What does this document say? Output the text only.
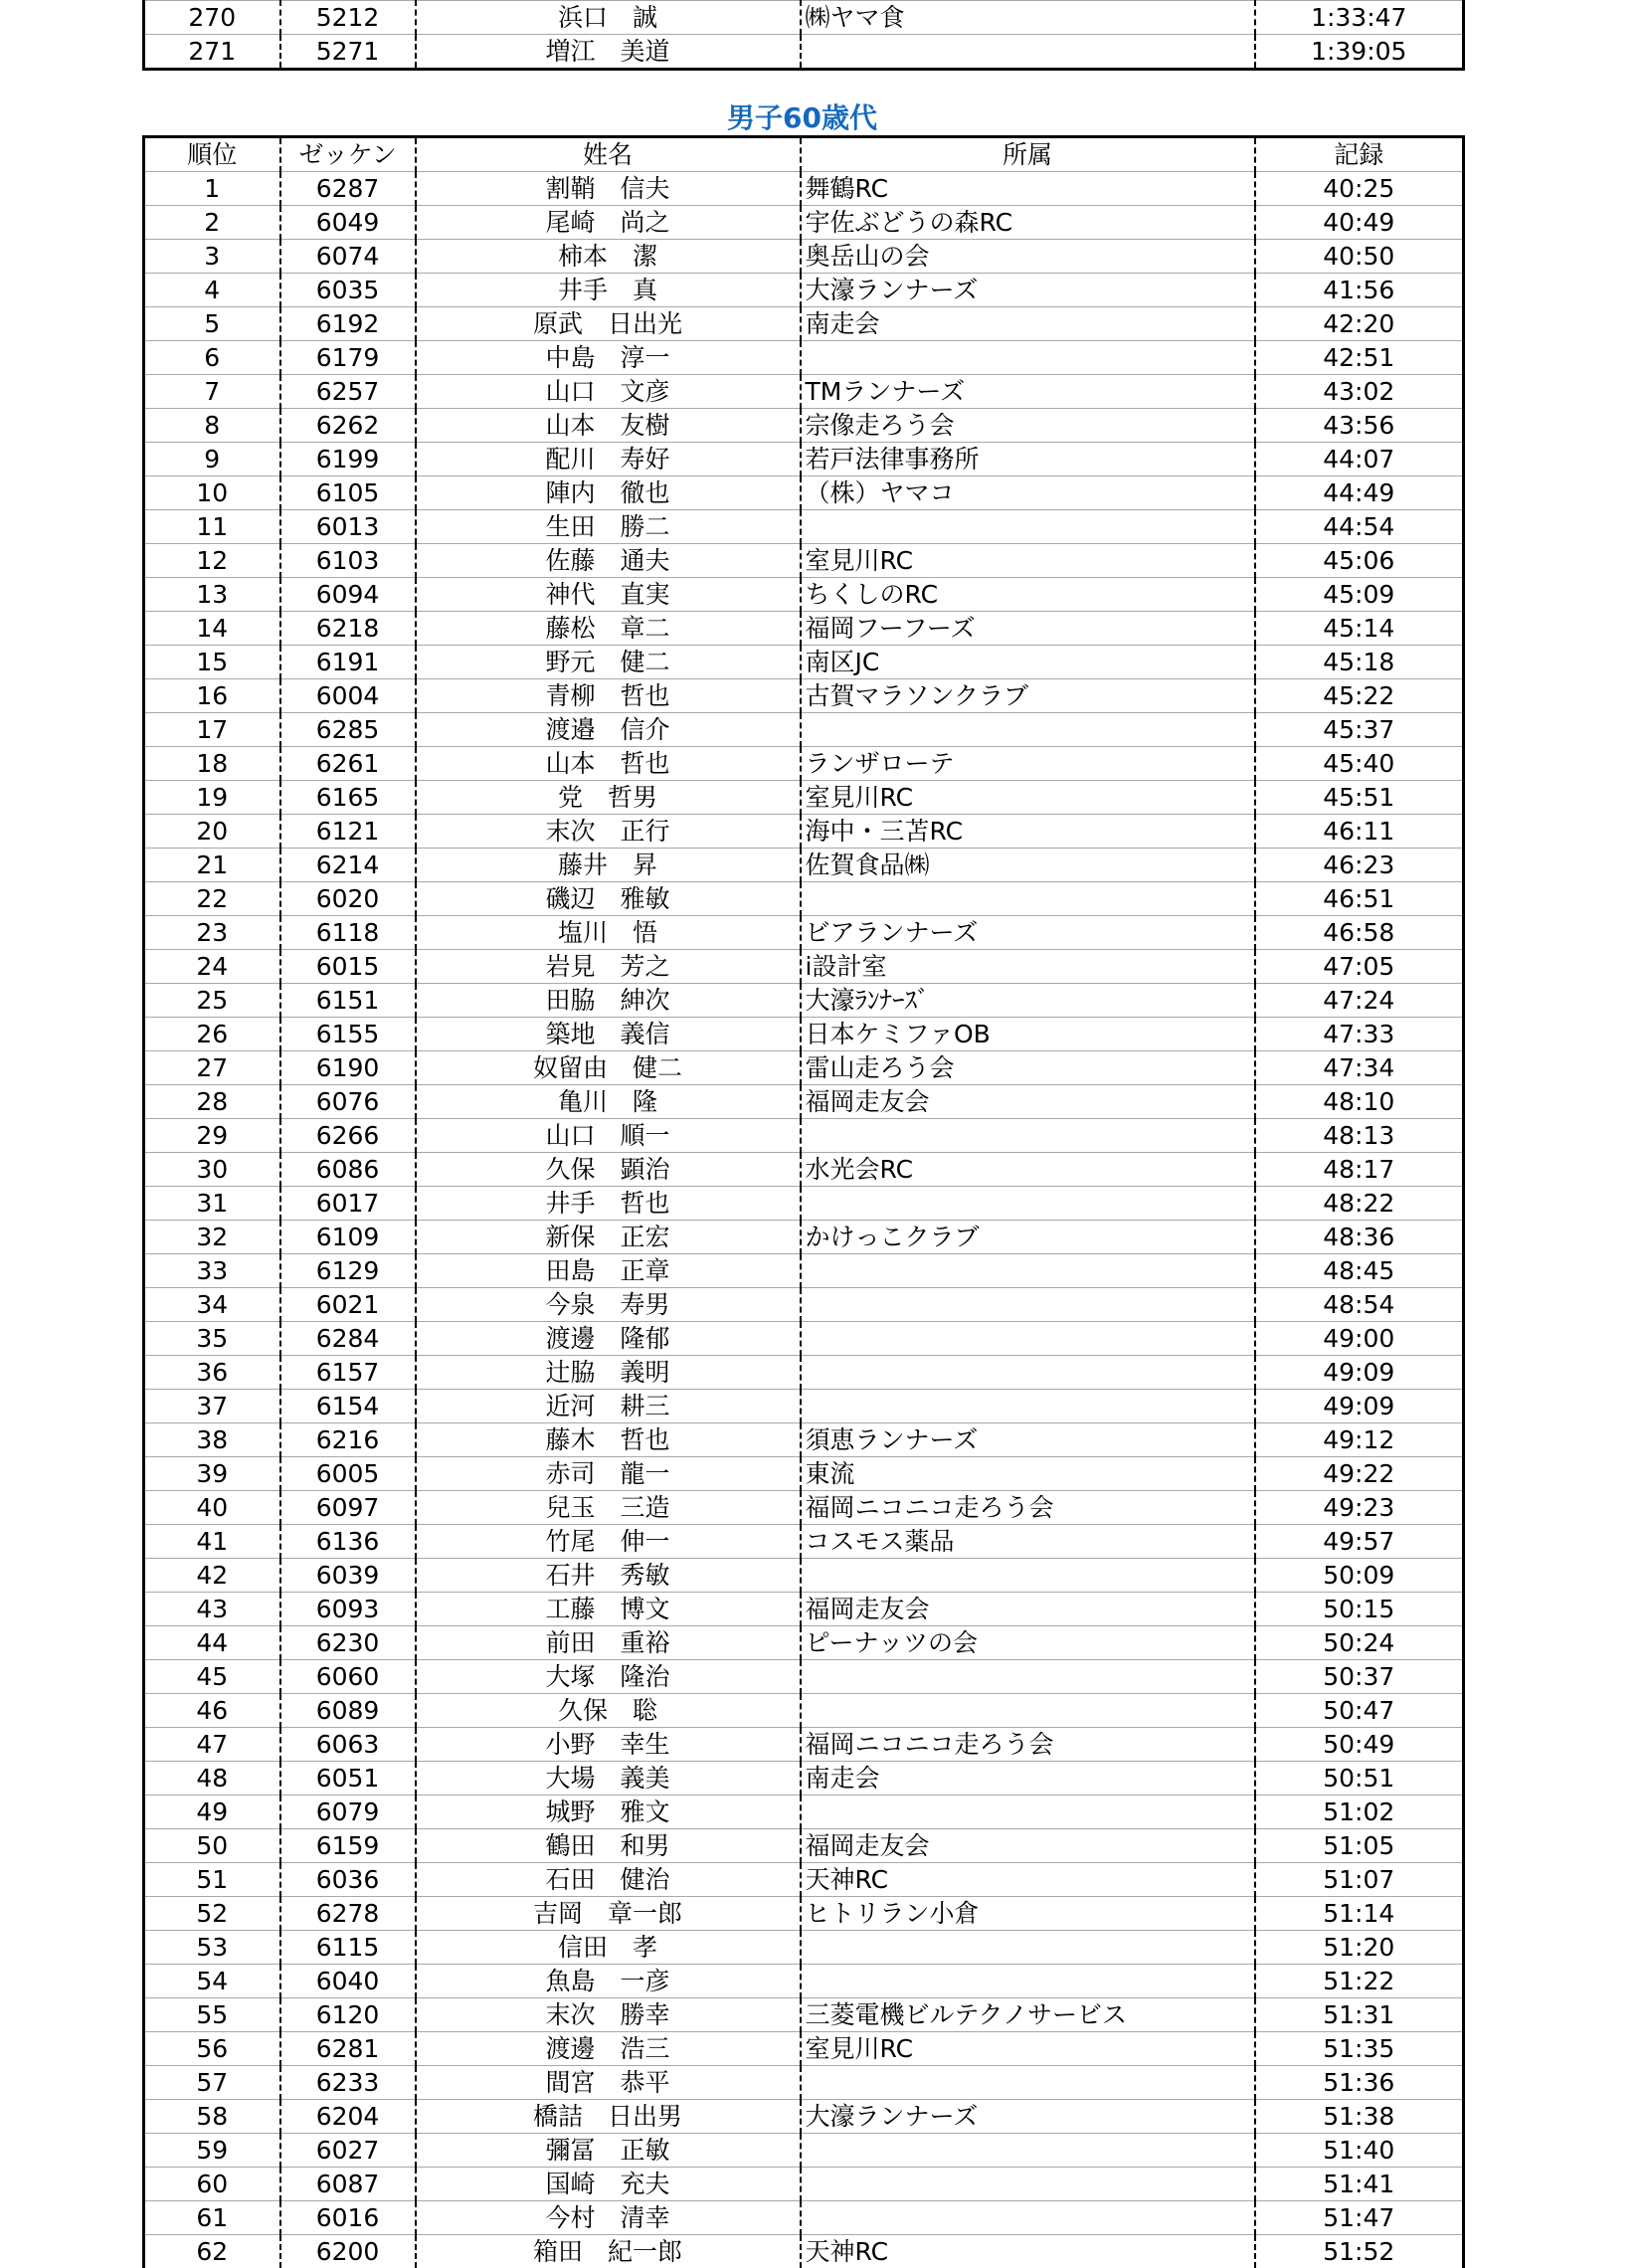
270	5212	浜口　誠	㈱ヤマ食	1:33:47
271	5271	増江　美道		1:39:05
男子60歳代
順位	ゼッケン	姓名	所属	記録
1	6287	割鞘　信夫	舞鶴RC	40:25
2	6049	尾崎　尚之	宇佐ぶどうの森RC	40:49
3	6074	柿本　潔	奥岳山の会	40:50
4	6035	井手　真	大濠ランナーズ	41:56
5	6192	原武　日出光	南走会	42:20
6	6179	中島　淳一		42:51
7	6257	山口　文彦	TMランナーズ	43:02
8	6262	山本　友樹	宗像走ろう会	43:56
9	6199	配川　寿好	若戸法律事務所	44:07
10	6105	陣内　徹也	（株）ヤマコ	44:49
11	6013	生田　勝二		44:54
12	6103	佐藤　通夫	室見川RC	45:06
13	6094	神代　直実	ちくしのRC	45:09
14	6218	藤松　章二	福岡フーフーズ	45:14
15	6191	野元　健二	南区JC	45:18
16	6004	青柳　哲也	古賀マラソンクラブ	45:22
17	6285	渡邉　信介		45:37
18	6261	山本　哲也	ランザローテ	45:40
19	6165	党　哲男	室見川RC	45:51
20	6121	末次　正行	海中・三苫RC	46:11
21	6214	藤井　昇	佐賀食品㈱	46:23
22	6020	磯辺　雅敏		46:51
23	6118	塩川　悟	ビアランナーズ	46:58
24	6015	岩見　芳之	i設計室	47:05
25	6151	田脇　紳次	大濠ﾗﾝﾅｰｽﾞ	47:24
26	6155	築地　義信	日本ケミファOB	47:33
27	6190	奴留由　健二	雷山走ろう会	47:34
28	6076	亀川　隆	福岡走友会	48:10
29	6266	山口　順一		48:13
30	6086	久保　顕治	水光会RC	48:17
31	6017	井手　哲也		48:22
32	6109	新保　正宏	かけっこクラブ	48:36
33	6129	田島　正章		48:45
34	6021	今泉　寿男		48:54
35	6284	渡邊　隆郁		49:00
36	6157	辻脇　義明		49:09
37	6154	近河　耕三		49:09
38	6216	藤木　哲也	須恵ランナーズ	49:12
39	6005	赤司　龍一	東流	49:22
40	6097	兒玉　三造	福岡ニコニコ走ろう会	49:23
41	6136	竹尾　伸一	コスモス薬品	49:57
42	6039	石井　秀敏		50:09
43	6093	工藤　博文	福岡走友会	50:15
44	6230	前田　重裕	ピーナッツの会	50:24
45	6060	大塚　隆治		50:37
46	6089	久保　聡		50:47
47	6063	小野　幸生	福岡ニコニコ走ろう会	50:49
48	6051	大場　義美	南走会	50:51
49	6079	城野　雅文		51:02
50	6159	鶴田　和男	福岡走友会	51:05
51	6036	石田　健治	天神RC	51:07
52	6278	吉岡　章一郎	ヒトリラン小倉	51:14
53	6115	信田　孝		51:20
54	6040	魚島　一彦		51:22
55	6120	末次　勝幸	三菱電機ビルテクノサービス	51:31
56	6281	渡邊　浩三	室見川RC	51:35
57	6233	間宮　恭平		51:36
58	6204	橋詰　日出男	大濠ランナーズ	51:38
59	6027	彌冨　正敏		51:40
60	6087	国崎　充夫		51:41
61	6016	今村　清幸		51:47
62	6200	箱田　紀一郎	天神RC	51:52
